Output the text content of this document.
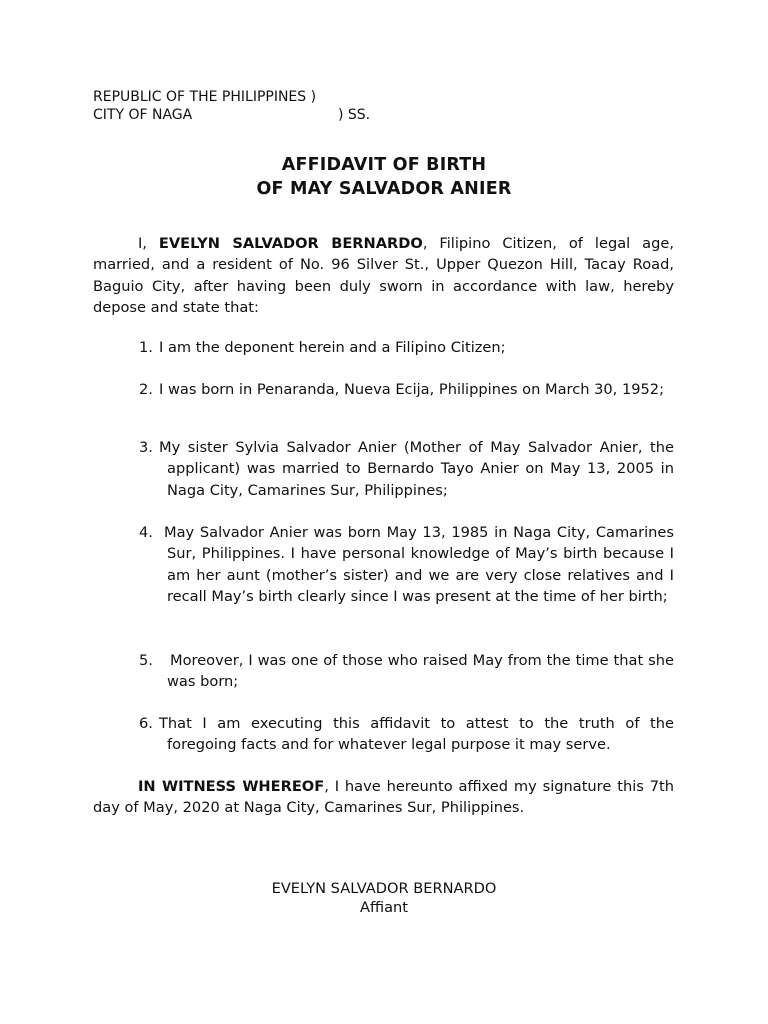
REPUBLIC OF THE PHILIPPINES )
CITY OF NAGA	) SS.
AFFIDAVIT OF BIRTH
OF MAY SALVADOR ANIER
I, EVELYN SALVADOR BERNARDO, Filipino Citizen, of legal age, married, and a resident of No. 96 Silver St., Upper Quezon Hill, Tacay Road, Baguio City, after having been duly sworn in accordance with law, hereby depose and state that:
1. I am the deponent herein and a Filipino Citizen;
2. I was born in Penaranda, Nueva Ecija, Philippines on March 30, 1952;
3. My sister Sylvia Salvador Anier (Mother of May Salvador Anier, the applicant) was married to Bernardo Tayo Anier on May 13, 2005 in Naga City, Camarines Sur, Philippines;
4. May Salvador Anier was born May 13, 1985 in Naga City, Camarines Sur, Philippines. I have personal knowledge of May’s birth because I am her aunt (mother’s sister) and we are very close relatives and I recall May’s birth clearly since I was present at the time of her birth;
5.	Moreover, I was one of those who raised May from the time that she was born;
6. That I am executing this affidavit to attest to the truth of the foregoing facts and for whatever legal purpose it may serve.
IN WITNESS WHEREOF, I have hereunto affixed my signature this 7th day of May, 2020 at Naga City, Camarines Sur, Philippines.
EVELYN SALVADOR BERNARDO
Affiant
